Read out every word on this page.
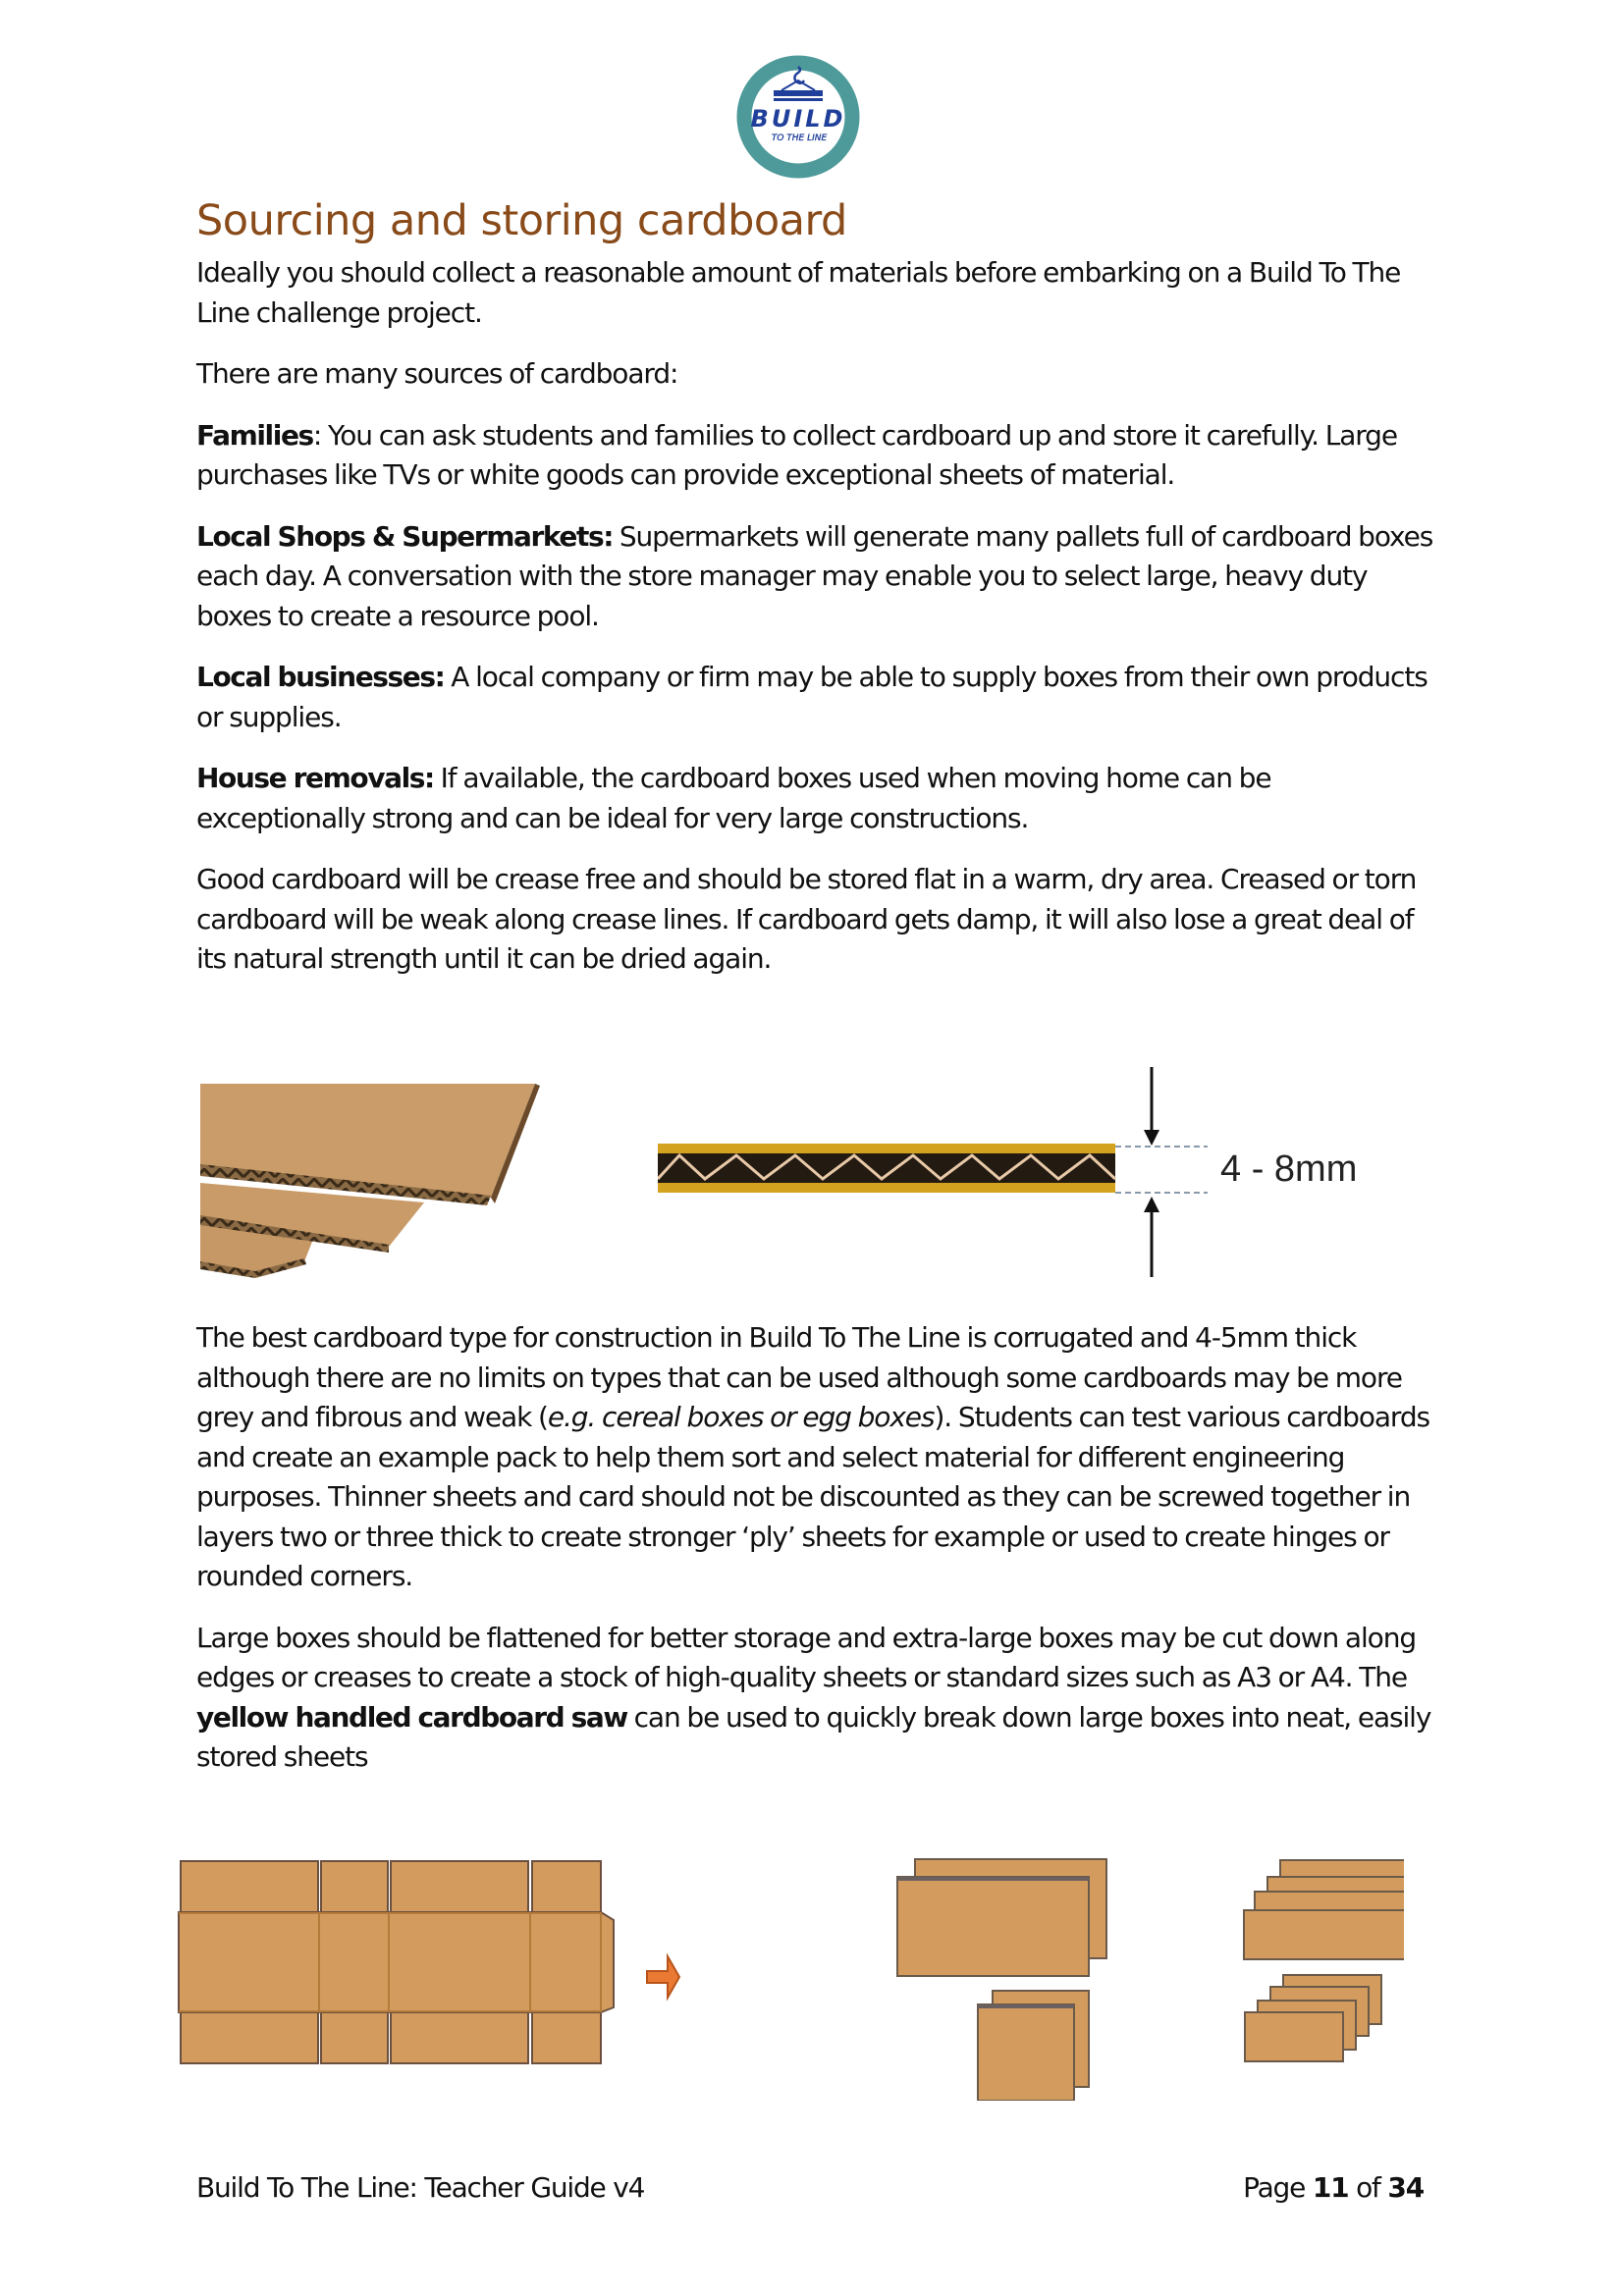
BUILD
TO THE LINE
Sourcing and storing cardboard

Ideally you should collect a reasonable amount of materials before embarking on a Build To The Line challenge project.

There are many sources of cardboard:

Families: You can ask students and families to collect cardboard up and store it carefully. Large purchases like TVs or white goods can provide exceptional sheets of material.

Local Shops & Supermarkets: Supermarkets will generate many pallets full of cardboard boxes each day. A conversation with the store manager may enable you to select large, heavy duty boxes to create a resource pool.

Local businesses: A local company or firm may be able to supply boxes from their own products or supplies.

House removals: If available, the cardboard boxes used when moving home can be exceptionally strong and can be ideal for very large constructions.

Good cardboard will be crease free and should be stored flat in a warm, dry area. Creased or torn cardboard will be weak along crease lines. If cardboard gets damp, it will also lose a great deal of its natural strength until it can be dried again.

4 - 8mm

The best cardboard type for construction in Build To The Line is corrugated and 4-5mm thick although there are no limits on types that can be used although some cardboards may be more grey and fibrous and weak (e.g. cereal boxes or egg boxes). Students can test various cardboards and create an example pack to help them sort and select material for different engineering purposes. Thinner sheets and card should not be discounted as they can be screwed together in layers two or three thick to create stronger ‘ply’ sheets for example or used to create hinges or rounded corners.

Large boxes should be flattened for better storage and extra-large boxes may be cut down along edges or creases to create a stock of high-quality sheets or standard sizes such as A3 or A4. The yellow handled cardboard saw can be used to quickly break down large boxes into neat, easily stored sheets

Build To The Line: Teacher Guide v4	Page 11 of 34
